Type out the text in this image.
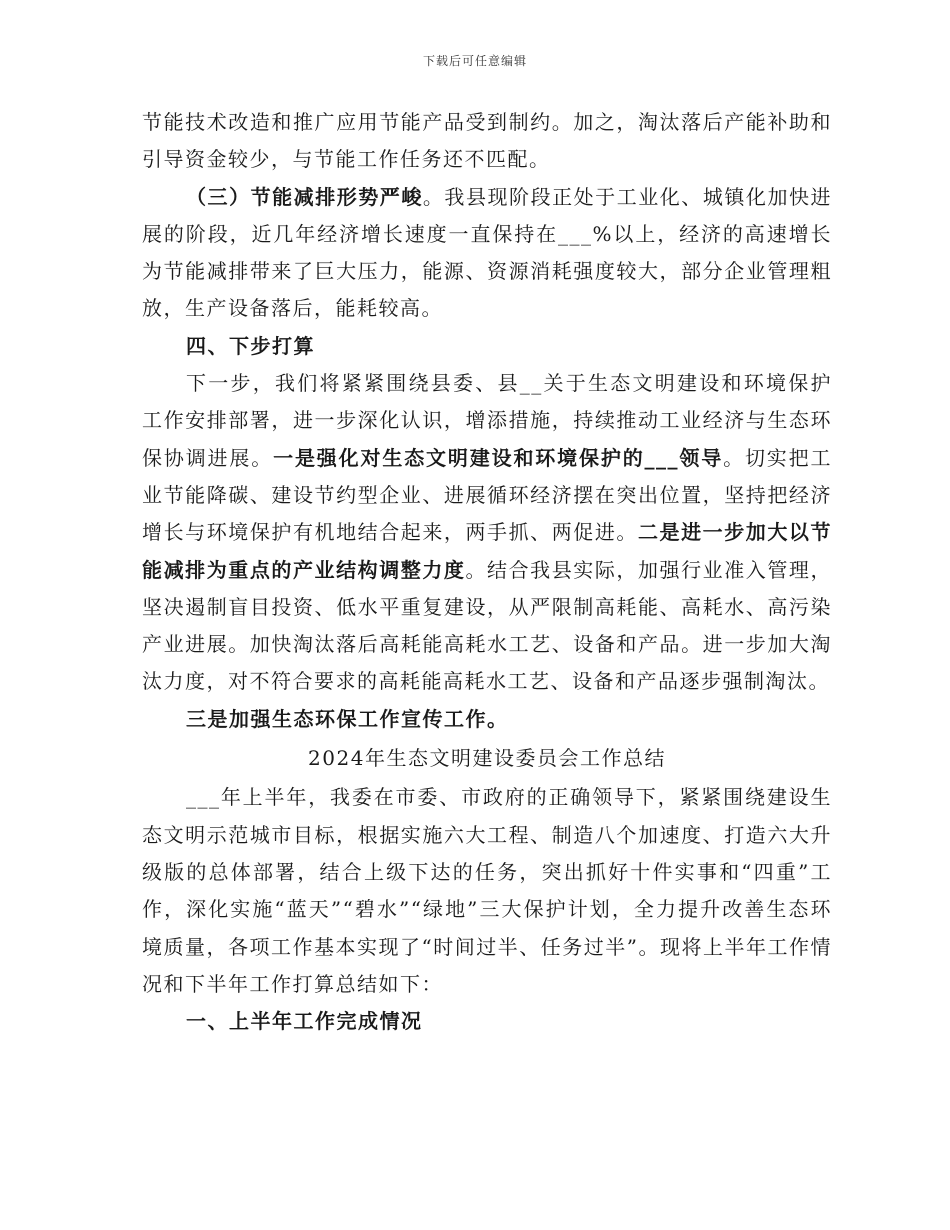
下载后可任意编辑

节能技术改造和推广应用节能产品受到制约。加之，淘汰落后产能补助和引导资金较少，与节能工作任务还不匹配。

（三）节能减排形势严峻。我县现阶段正处于工业化、城镇化加快进展的阶段，近几年经济增长速度一直保持在___%以上，经济的高速增长为节能减排带来了巨大压力，能源、资源消耗强度较大，部分企业管理粗放，生产设备落后，能耗较高。

四、下步打算

下一步，我们将紧紧围绕县委、县__关于生态文明建设和环境保护工作安排部署，进一步深化认识，增添措施，持续推动工业经济与生态环保协调进展。一是强化对生态文明建设和环境保护的___领导。切实把工业节能降碳、建设节约型企业、进展循环经济摆在突出位置，坚持把经济增长与环境保护有机地结合起来，两手抓、两促进。二是进一步加大以节能减排为重点的产业结构调整力度。结合我县实际，加强行业准入管理，坚决遏制盲目投资、低水平重复建设，从严限制高耗能、高耗水、高污染产业进展。加快淘汰落后高耗能高耗水工艺、设备和产品。进一步加大淘汰力度，对不符合要求的高耗能高耗水工艺、设备和产品逐步强制淘汰。

三是加强生态环保工作宣传工作。

2024年生态文明建设委员会工作总结

___年上半年，我委在市委、市政府的正确领导下，紧紧围绕建设生态文明示范城市目标，根据实施六大工程、制造八个加速度、打造六大升级版的总体部署，结合上级下达的任务，突出抓好十件实事和“四重”工作，深化实施“蓝天”“碧水”“绿地”三大保护计划，全力提升改善生态环境质量，各项工作基本实现了“时间过半、任务过半”。现将上半年工作情况和下半年工作打算总结如下：

一、上半年工作完成情况
